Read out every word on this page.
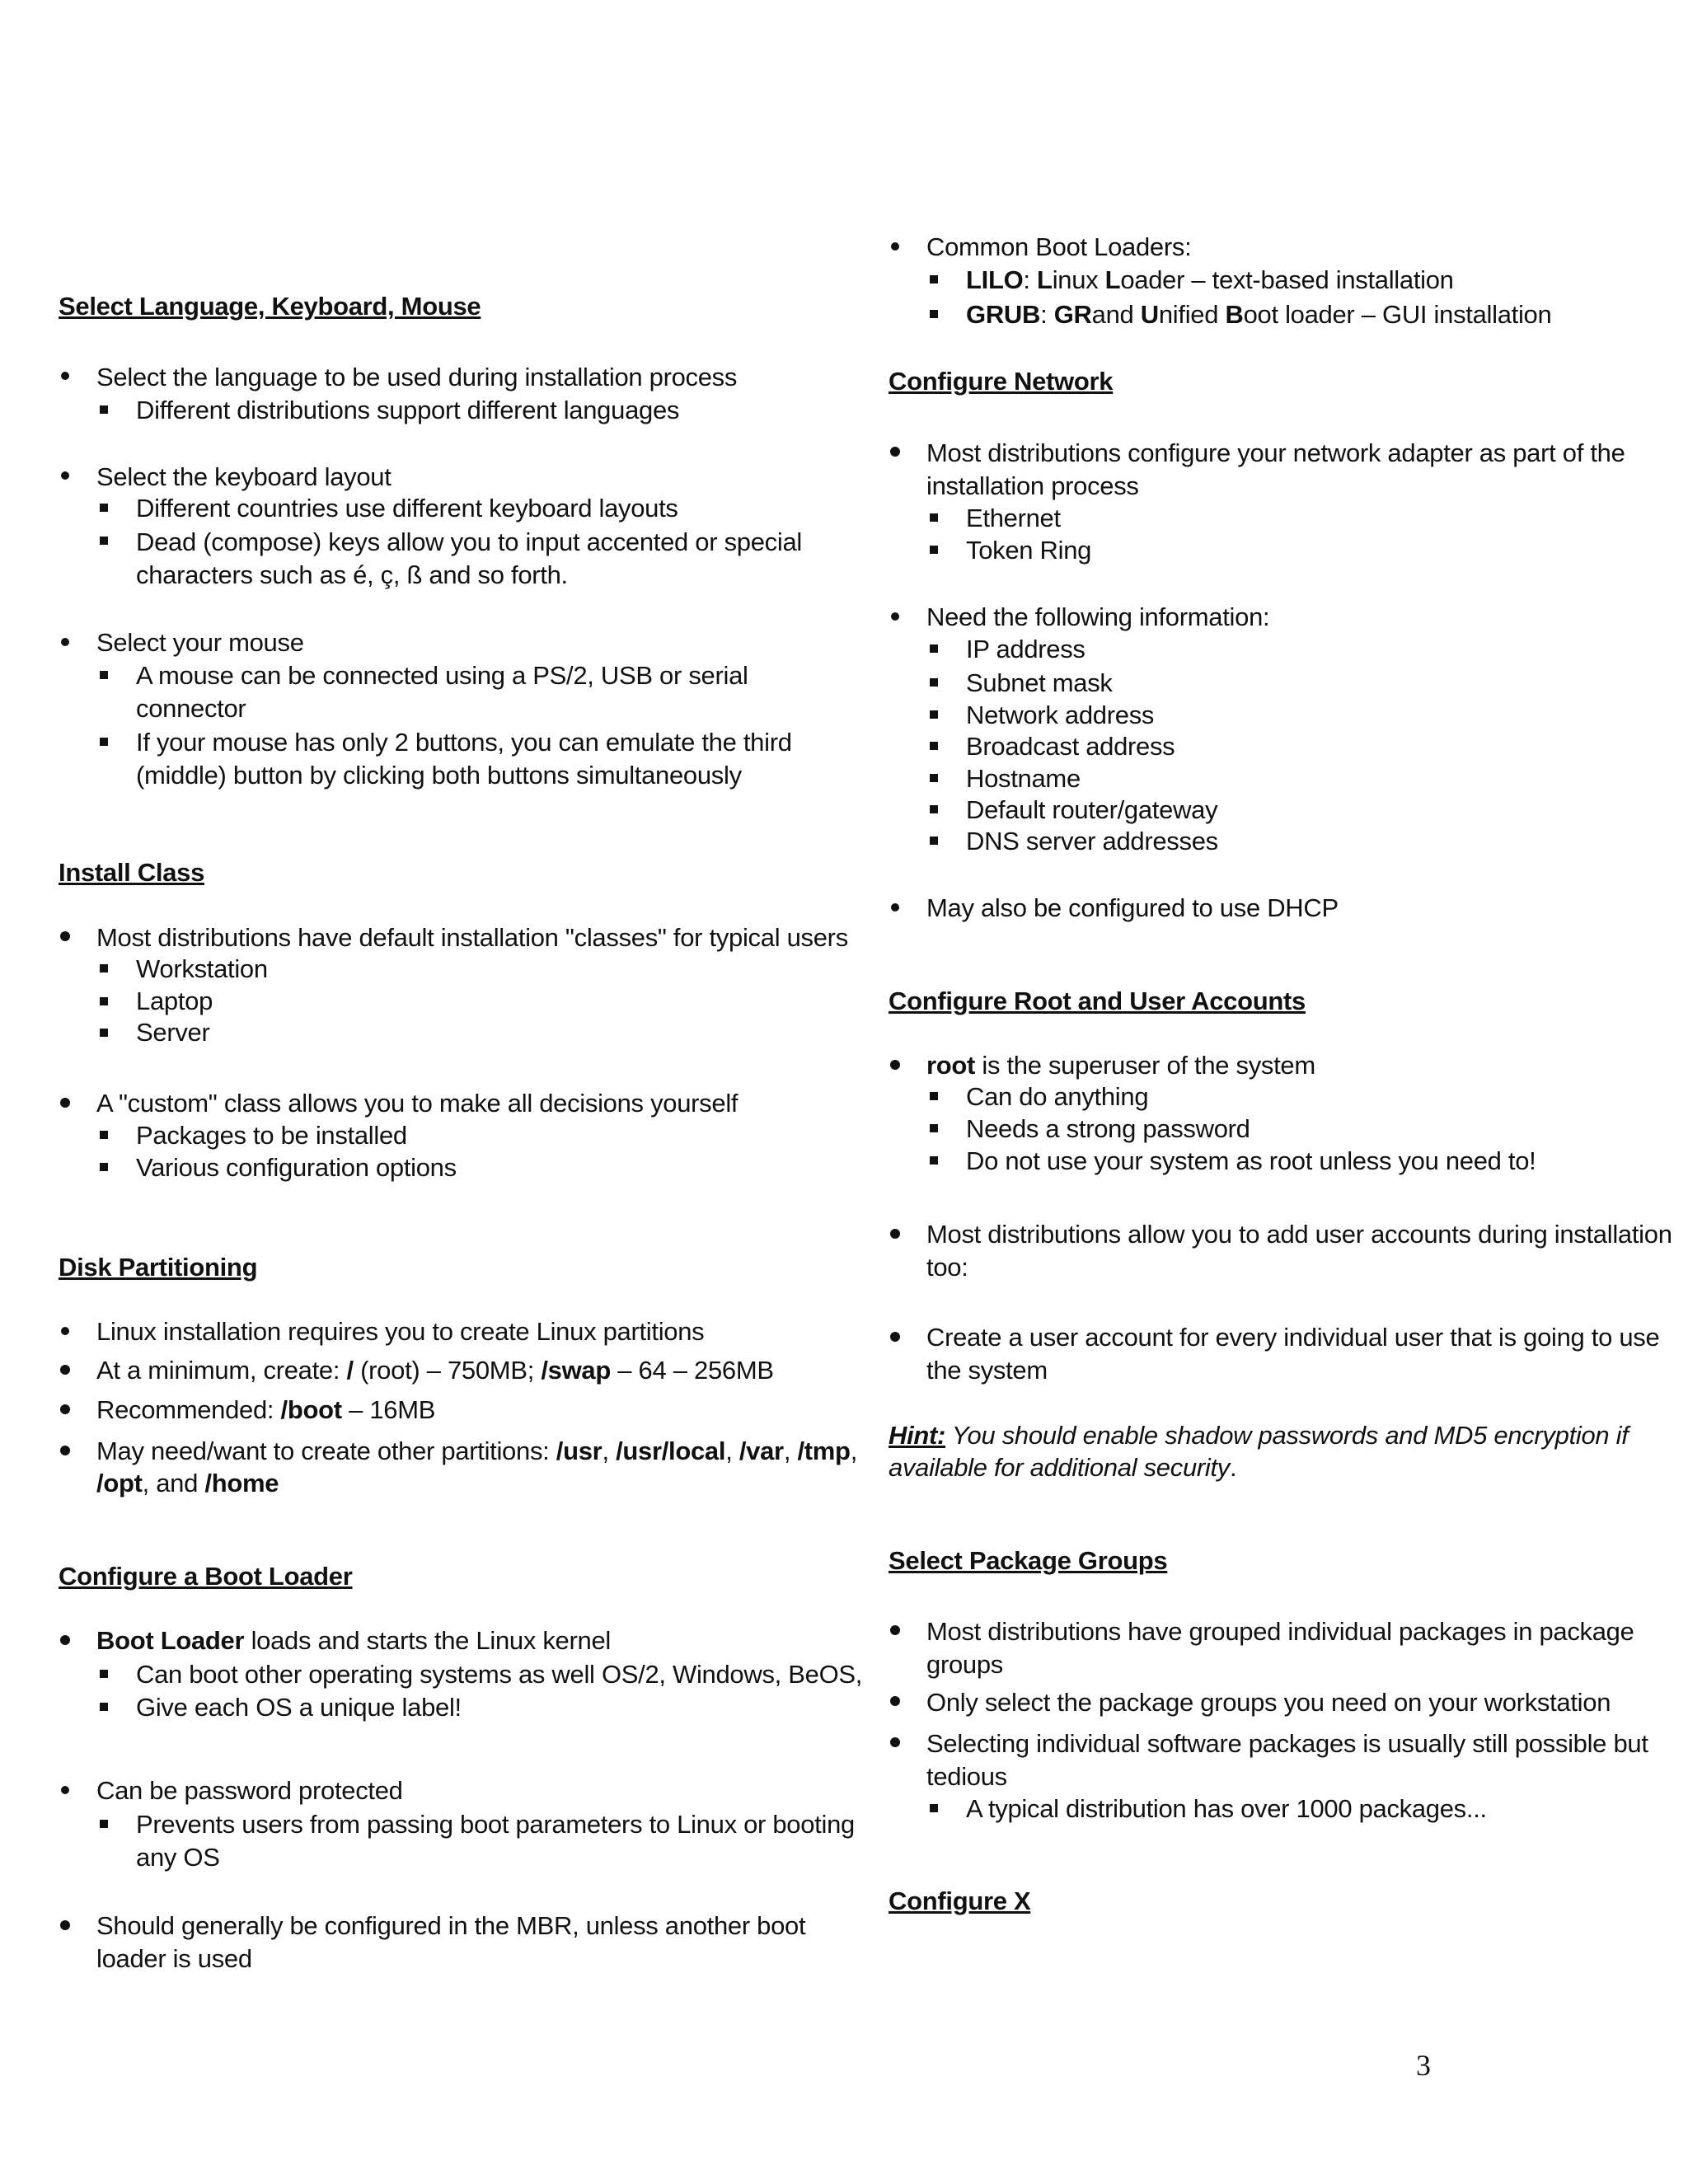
Select Language, Keyboard, Mouse
Select the language to be used during installation process
Different distributions support different languages
Select the keyboard layout
Different countries use different keyboard layouts
Dead (compose) keys allow you to input accented or special
characters such as é, ç, ß and so forth.
Select your mouse
A mouse can be connected using a PS/2, USB or serial
connector
If your mouse has only 2 buttons, you can emulate the third
(middle) button by clicking both buttons simultaneously
Install Class
Most distributions have default installation "classes" for typical users
Workstation
Laptop
Server
A "custom" class allows you to make all decisions yourself
Packages to be installed
Various configuration options
Disk Partitioning
Linux installation requires you to create Linux partitions
At a minimum, create: / (root) – 750MB; /swap – 64 – 256MB
Recommended: /boot – 16MB
May need/want to create other partitions: /usr, /usr/local, /var, /tmp,
/opt, and /home
Configure a Boot Loader
Boot Loader loads and starts the Linux kernel
Can boot other operating systems as well OS/2, Windows, BeOS,
Give each OS a unique label!
Can be password protected
Prevents users from passing boot parameters to Linux or booting
any OS
Should generally be configured in the MBR, unless another boot
loader is used
Common Boot Loaders:
LILO: Linux Loader – text-based installation
GRUB: GRand Unified Boot loader – GUI installation
Configure Network
Most distributions configure your network adapter as part of the
installation process
Ethernet
Token Ring
Need the following information:
IP address
Subnet mask
Network address
Broadcast address
Hostname
Default router/gateway
DNS server addresses
May also be configured to use DHCP
Configure Root and User Accounts
root is the superuser of the system
Can do anything
Needs a strong password
Do not use your system as root unless you need to!
Most distributions allow you to add user accounts during installation
too:
Create a user account for every individual user that is going to use
the system
Hint: You should enable shadow passwords and MD5 encryption if
available for additional security.
Select Package Groups
Most distributions have grouped individual packages in package
groups
Only select the package groups you need on your workstation
Selecting individual software packages is usually still possible but
tedious
A typical distribution has over 1000 packages...
Configure X
3
